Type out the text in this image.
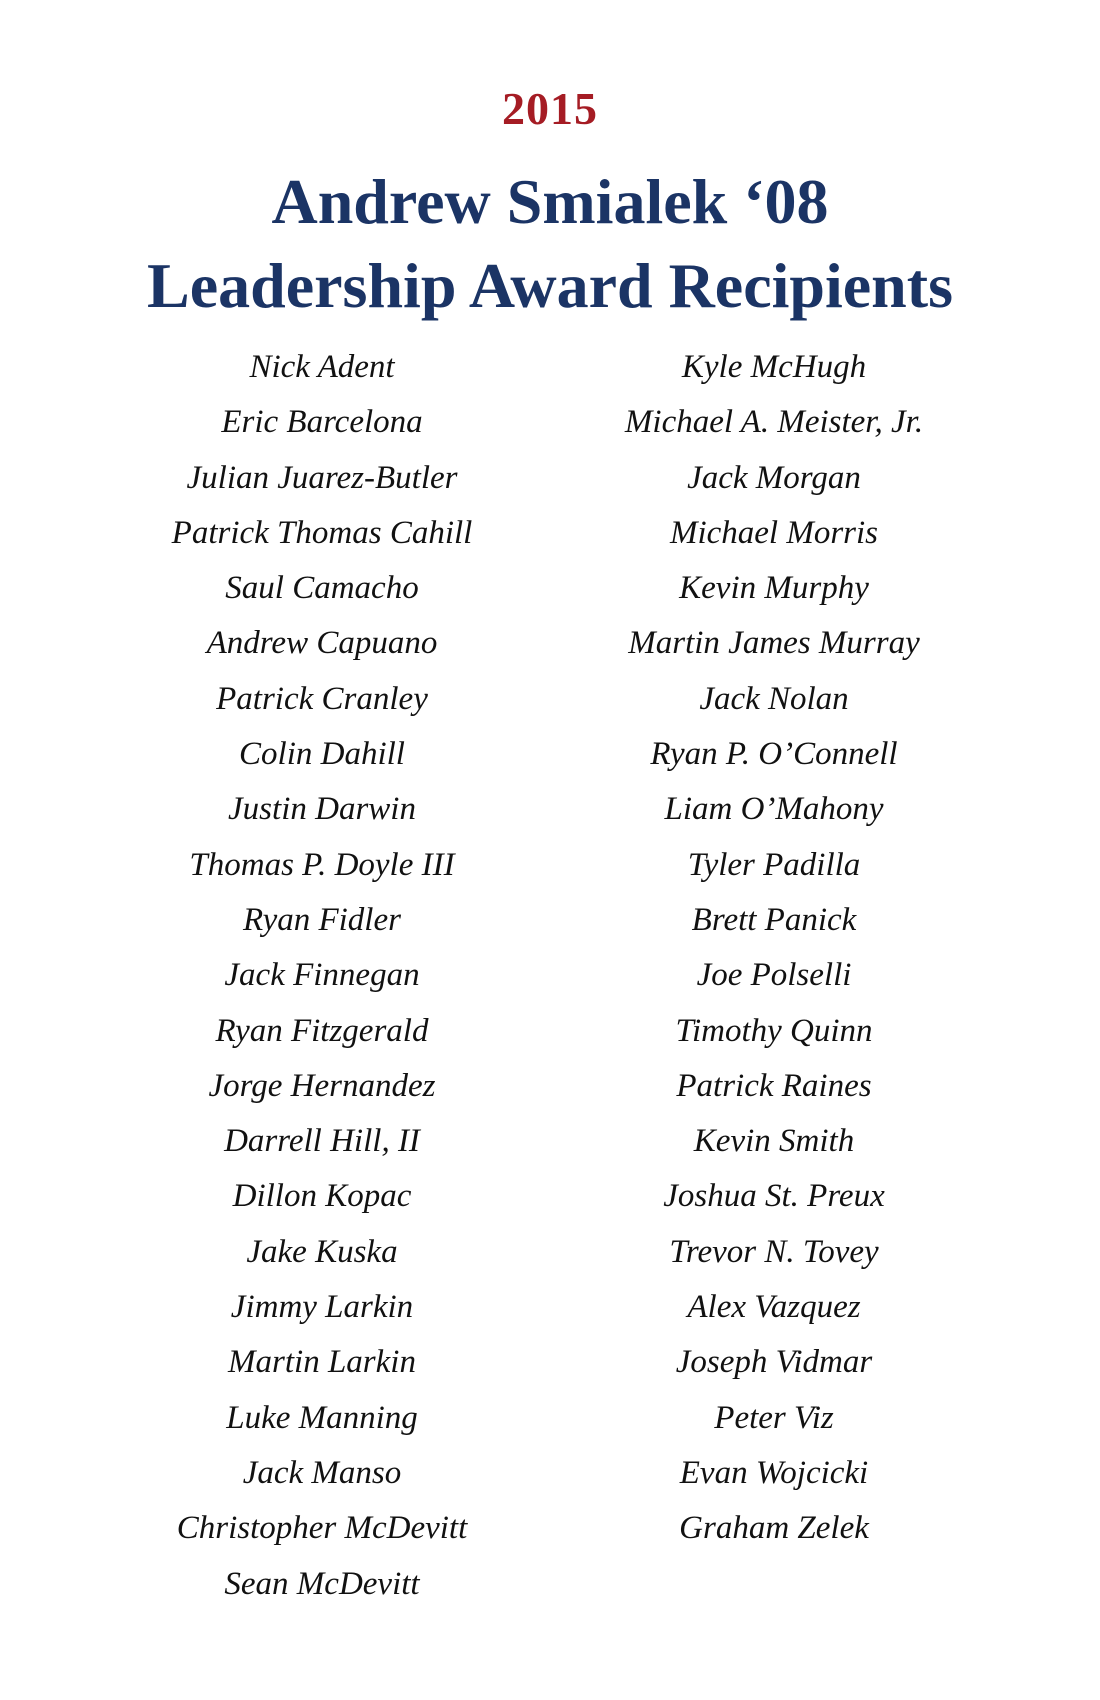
2015
Andrew Smialek ‘08
Leadership Award Recipients
Nick Adent
Eric Barcelona
Julian Juarez-Butler
Patrick Thomas Cahill
Saul Camacho
Andrew Capuano
Patrick Cranley
Colin Dahill
Justin Darwin
Thomas P. Doyle III
Ryan Fidler
Jack Finnegan
Ryan Fitzgerald
Jorge Hernandez
Darrell Hill, II
Dillon Kopac
Jake Kuska
Jimmy Larkin
Martin Larkin
Luke Manning
Jack Manso
Christopher McDevitt
Sean McDevitt
Kyle McHugh
Michael A. Meister, Jr.
Jack Morgan
Michael Morris
Kevin Murphy
Martin James Murray
Jack Nolan
Ryan P. O’Connell
Liam O’Mahony
Tyler Padilla
Brett Panick
Joe Polselli
Timothy Quinn
Patrick Raines
Kevin Smith
Joshua St. Preux
Trevor N. Tovey
Alex Vazquez
Joseph Vidmar
Peter Viz
Evan Wojcicki
Graham Zelek
